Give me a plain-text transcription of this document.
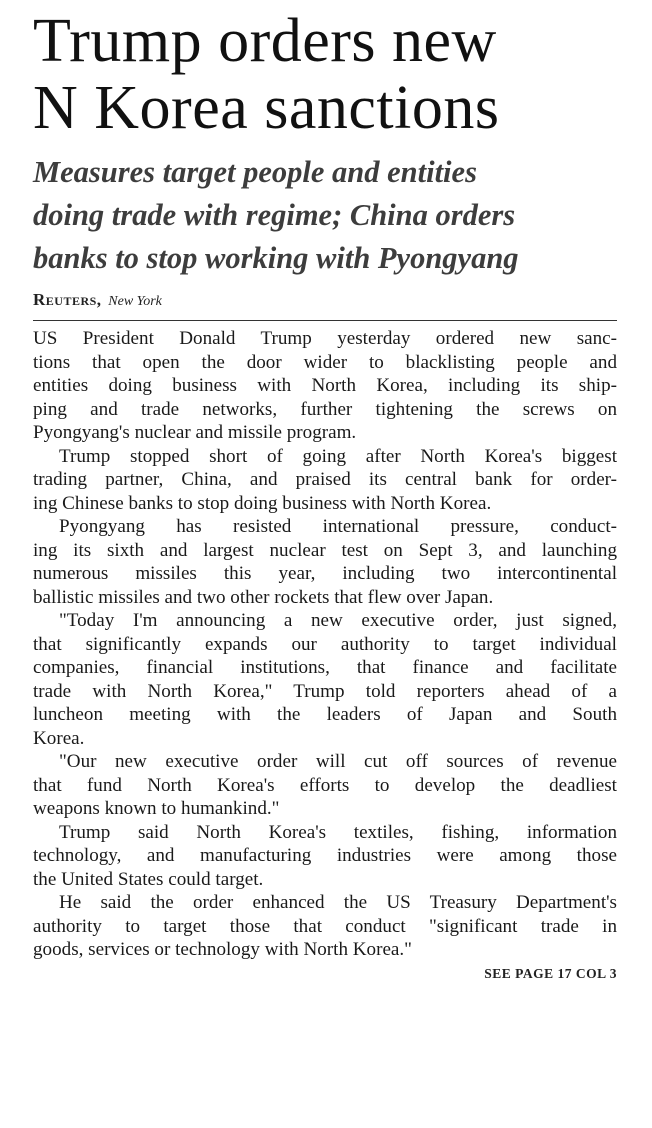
Trump orders new
N Korea sanctions
Measures target people and entities
doing trade with regime; China orders
banks to stop working with Pyongyang
Reuters, New York
US President Donald Trump yesterday ordered new sanc-
tions that open the door wider to blacklisting people and
entities doing business with North Korea, including its ship-
ping and trade networks, further tightening the screws on
Pyongyang's nuclear and missile program.
Trump stopped short of going after North Korea's biggest
trading partner, China, and praised its central bank for order-
ing Chinese banks to stop doing business with North Korea.
Pyongyang has resisted international pressure, conduct-
ing its sixth and largest nuclear test on Sept 3, and launching
numerous missiles this year, including two intercontinental
ballistic missiles and two other rockets that flew over Japan.
"Today I'm announcing a new executive order, just signed,
that significantly expands our authority to target individual
companies, financial institutions, that finance and facilitate
trade with North Korea," Trump told reporters ahead of a
luncheon meeting with the leaders of Japan and South
Korea.
"Our new executive order will cut off sources of revenue
that fund North Korea's efforts to develop the deadliest
weapons known to humankind."
Trump said North Korea's textiles, fishing, information
technology, and manufacturing industries were among those
the United States could target.
He said the order enhanced the US Treasury Department's
authority to target those that conduct "significant trade in
goods, services or technology with North Korea."
SEE PAGE 17 COL 3
